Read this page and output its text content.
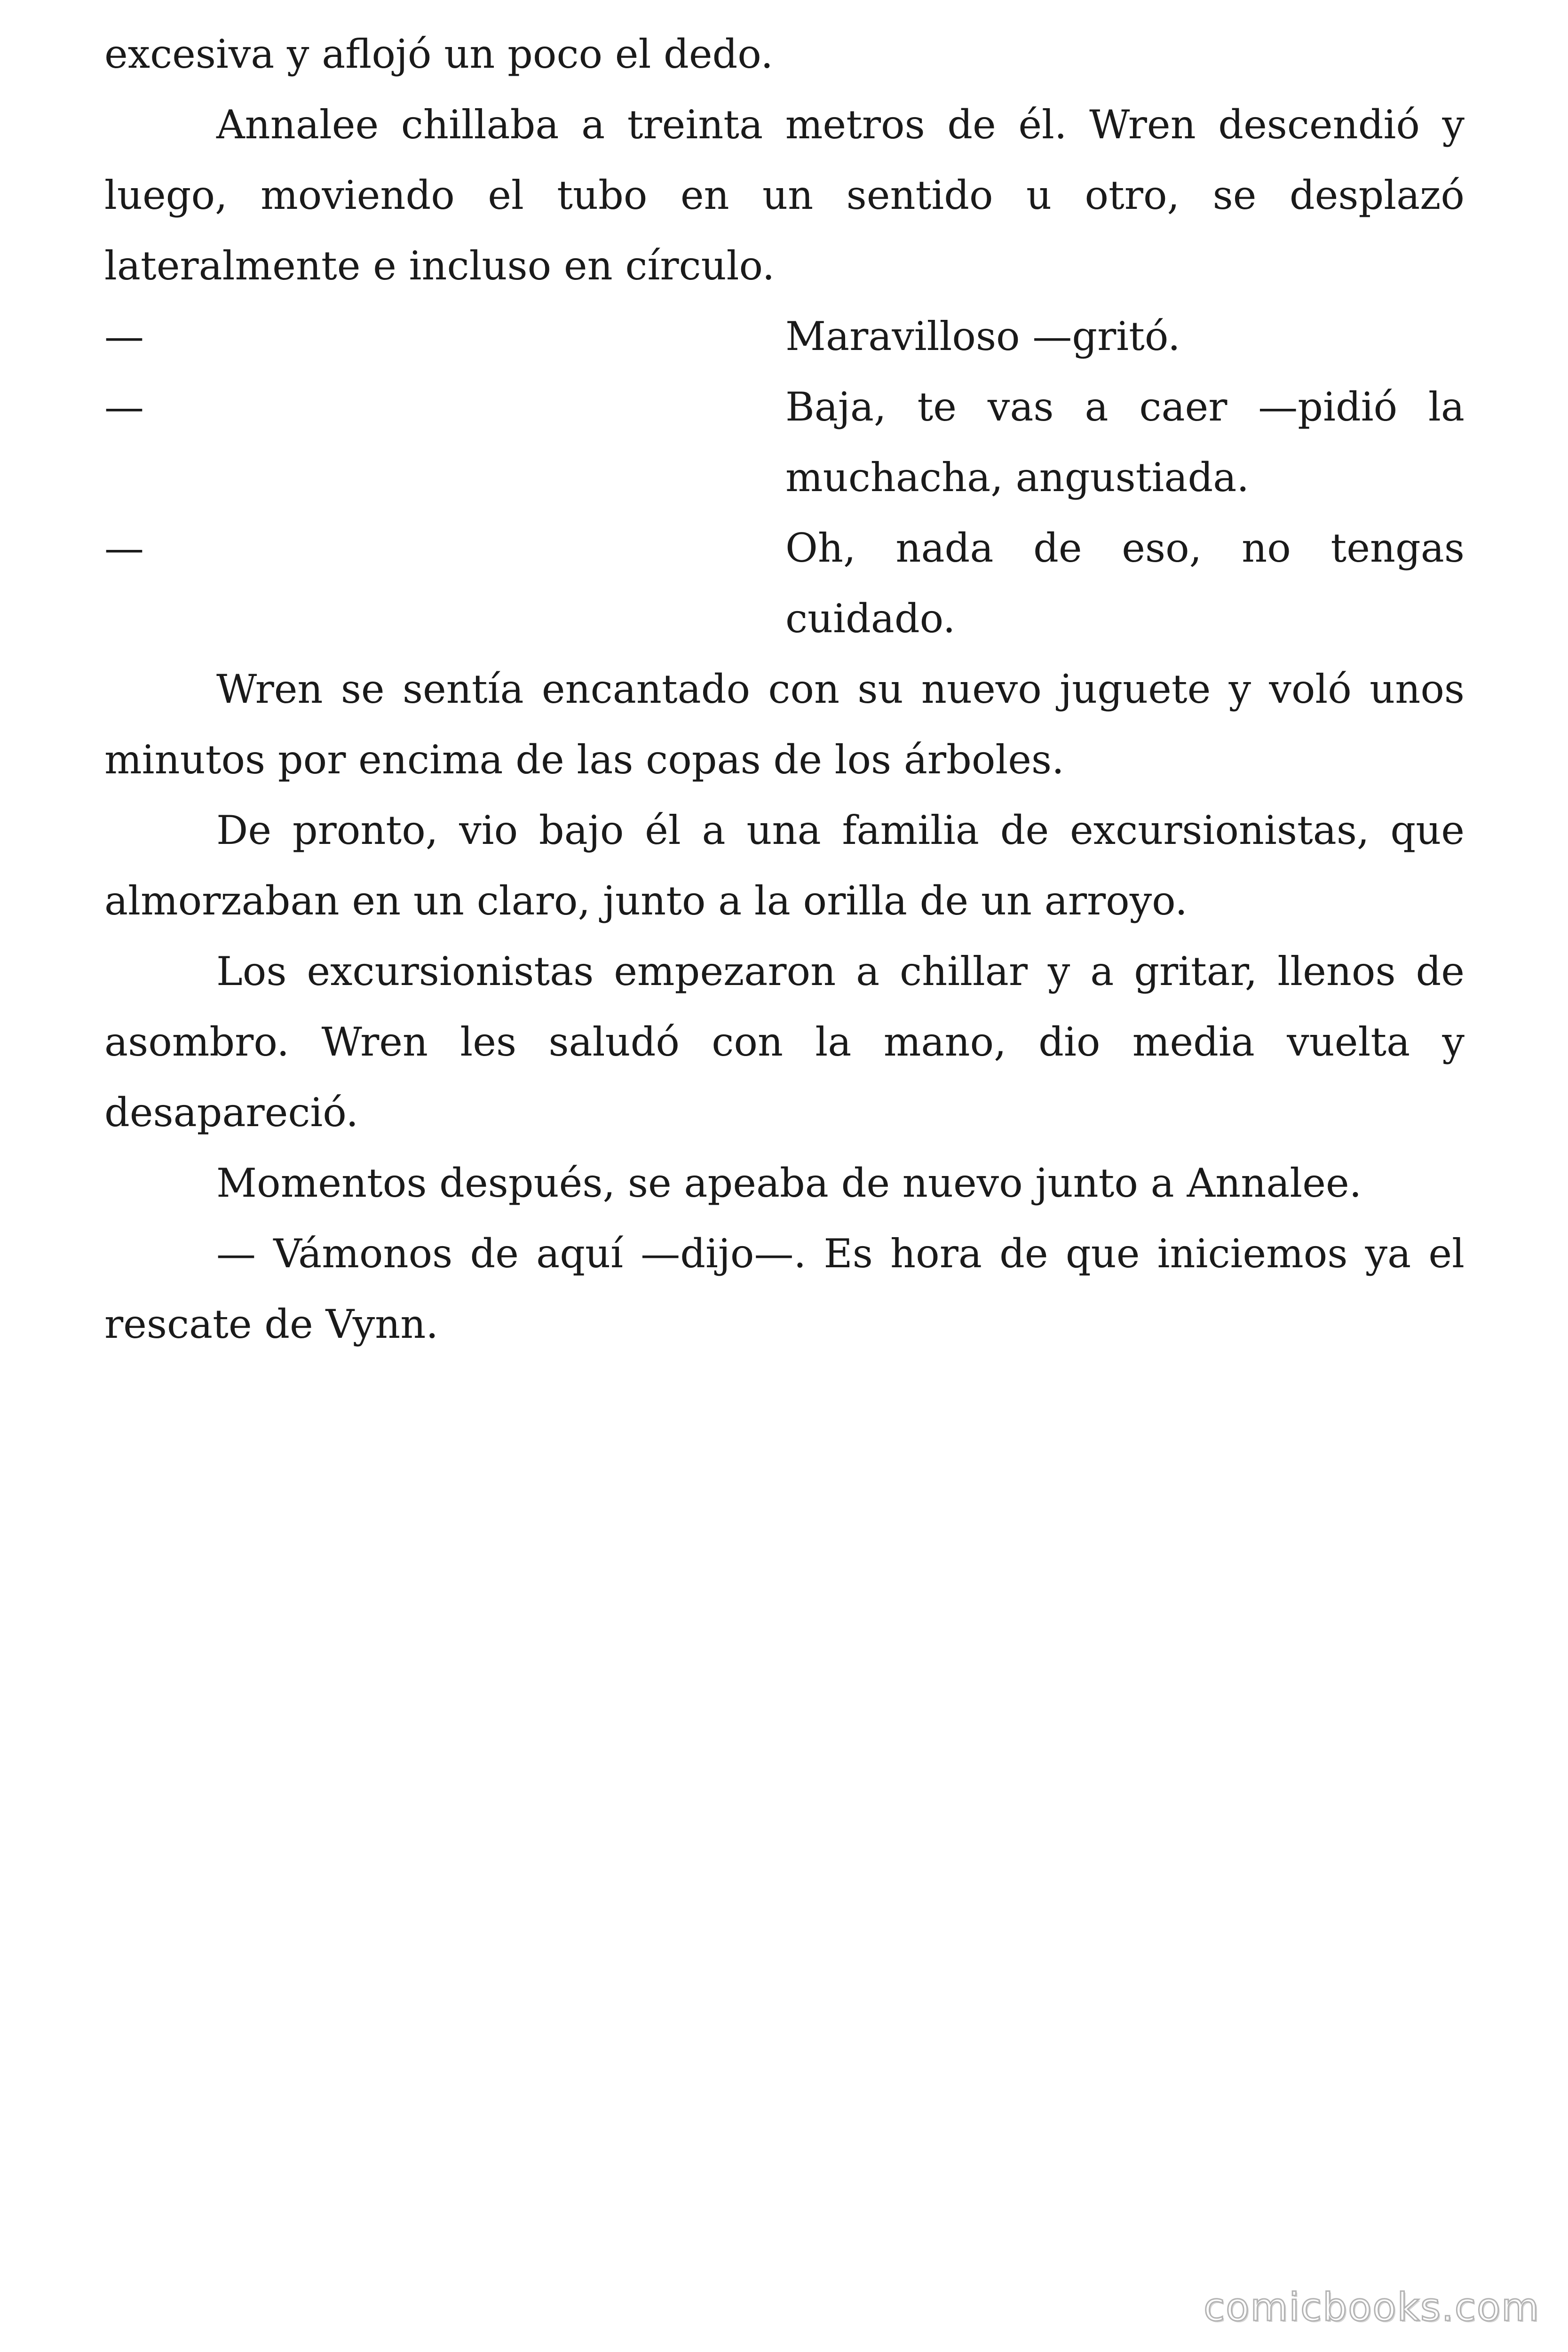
excesiva y aflojó un poco el dedo.

Annalee chillaba a treinta metros de él. Wren descendió y luego, moviendo el tubo en un sentido u otro, se desplazó lateralmente e incluso en círculo.

—	Maravilloso —gritó.
—	Baja, te vas a caer —pidió la muchacha, angustiada.
—	Oh, nada de eso, no tengas cuidado.

Wren se sentía encantado con su nuevo juguete y voló unos minutos por encima de las copas de los árboles.

De pronto, vio bajo él a una familia de excursionistas, que almorzaban en un claro, junto a la orilla de un arroyo.

Los excursionistas empezaron a chillar y a gritar, llenos de asombro. Wren les saludó con la mano, dio media vuelta y desapareció.

Momentos después, se apeaba de nuevo junto a Annalee.

— Vámonos de aquí —dijo—. Es hora de que iniciemos ya el rescate de Vynn.

comicbooks.com
